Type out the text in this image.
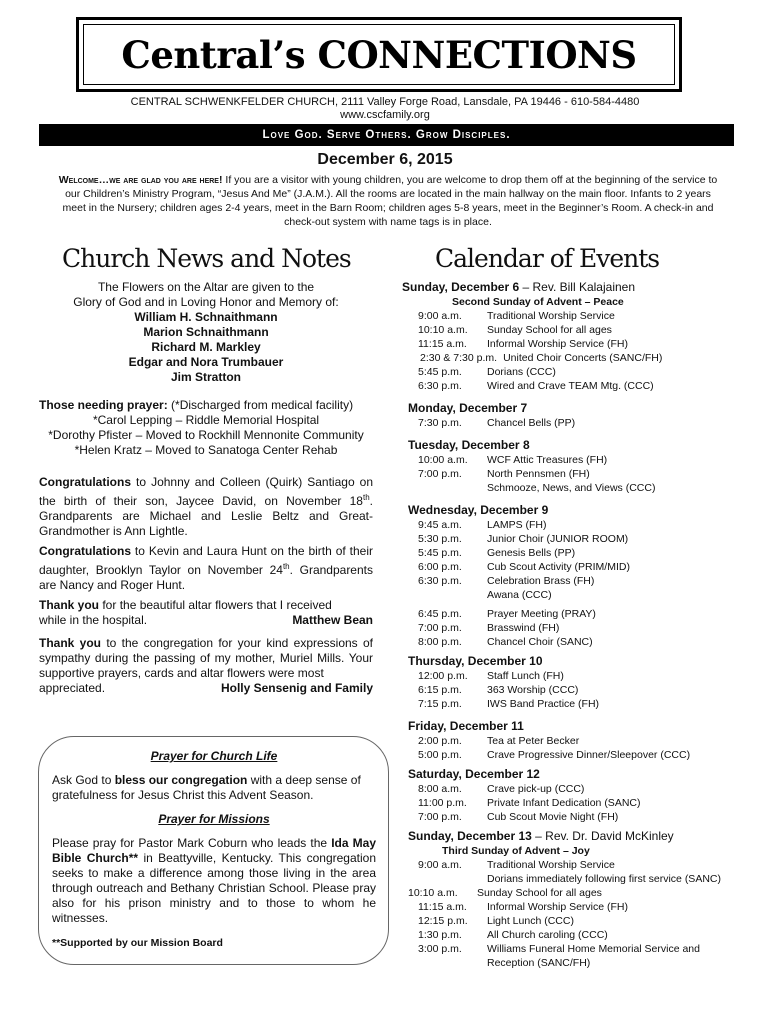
Central’s CONNECTIONS
CENTRAL SCHWENKFELDER CHURCH, 2111 Valley Forge Road, Lansdale, PA 19446 - 610-584-4480
www.cscfamily.org
Love God. Serve Others. Grow Disciples.
December 6, 2015
Welcome…we are glad you are here! If you are a visitor with young children, you are welcome to drop them off at the beginning of the service to our Children’s Ministry Program, “Jesus And Me” (J.A.M.). All the rooms are located in the main hallway on the main floor. Infants to 2 years meet in the Nursery; children ages 2-4 years, meet in the Barn Room; children ages 5-8 years, meet in the Beginner’s Room. A check-in and check-out system with name tags is in place.
Church News and Notes	Calendar of Events
The Flowers on the Altar are given to the
Glory of God and in Loving Honor and Memory of:
William H. Schnaithmann
Marion Schnaithmann
Richard M. Markley
Edgar and Nora Trumbauer
Jim Stratton
Those needing prayer: (*Discharged from medical facility)
*Carol Lepping – Riddle Memorial Hospital
*Dorothy Pfister – Moved to Rockhill Mennonite Community
*Helen Kratz – Moved to Sanatoga Center Rehab
Congratulations to Johnny and Colleen (Quirk) Santiago on the birth of their son, Jaycee David, on November 18th. Grandparents are Michael and Leslie Beltz and Great-Grandmother is Ann Lightle.
Congratulations to Kevin and Laura Hunt on the birth of their daughter, Brooklyn Taylor on November 24th. Grandparents are Nancy and Roger Hunt.
Thank you for the beautiful altar flowers that I received
while in the hospital.	Matthew Bean
Thank you to the congregation for your kind expressions of sympathy during the passing of my mother, Muriel Mills. Your supportive prayers, cards and altar flowers were most
appreciated.	Holly Sensenig and Family
Prayer for Church Life
Ask God to bless our congregation with a deep sense of gratefulness for Jesus Christ this Advent Season.
Prayer for Missions
Please pray for Pastor Mark Coburn who leads the Ida May Bible Church** in Beattyville, Kentucky. This congregation seeks to make a difference among those living in the area through outreach and Bethany Christian School. Please pray also for his prison ministry and to those to whom he witnesses.
**Supported by our Mission Board
Sunday, December 6 – Rev. Bill Kalajainen
Second Sunday of Advent – Peace
9:00 a.m.	Traditional Worship Service
10:10 a.m.	Sunday School for all ages
11:15 a.m.	Informal Worship Service (FH)
2:30 & 7:30 p.m. United Choir Concerts (SANC/FH)
5:45 p.m.	Dorians (CCC)
6:30 p.m.	Wired and Crave TEAM Mtg. (CCC)
Monday, December 7
7:30 p.m.	Chancel Bells (PP)
Tuesday, December 8
10:00 a.m.	WCF Attic Treasures (FH)
7:00 p.m.	North Pennsmen (FH)
Schmooze, News, and Views (CCC)
Wednesday, December 9
9:45 a.m.	LAMPS (FH)
5:30 p.m.	Junior Choir (JUNIOR ROOM)
5:45 p.m.	Genesis Bells (PP)
6:00 p.m.	Cub Scout Activity (PRIM/MID)
6:30 p.m.	Celebration Brass (FH)
Awana (CCC)
6:45 p.m.	Prayer Meeting (PRAY)
7:00 p.m.	Brasswind (FH)
8:00 p.m.	Chancel Choir (SANC)
Thursday, December 10
12:00 p.m.	Staff Lunch (FH)
6:15 p.m.	363 Worship (CCC)
7:15 p.m.	IWS Band Practice (FH)
Friday, December 11
2:00 p.m.	Tea at Peter Becker
5:00 p.m.	Crave Progressive Dinner/Sleepover (CCC)
Saturday, December 12
8:00 a.m.	Crave pick-up (CCC)
11:00 p.m.	Private Infant Dedication (SANC)
7:00 p.m.	Cub Scout Movie Night (FH)
Sunday, December 13 – Rev. Dr. David McKinley
Third Sunday of Advent – Joy
9:00 a.m.	Traditional Worship Service
Dorians immediately following first service (SANC)
10:10 a.m.	Sunday School for all ages
11:15 a.m.	Informal Worship Service (FH)
12:15 p.m.	Light Lunch (CCC)
1:30 p.m.	All Church caroling (CCC)
3:00 p.m.	Williams Funeral Home Memorial Service and
Reception (SANC/FH)
